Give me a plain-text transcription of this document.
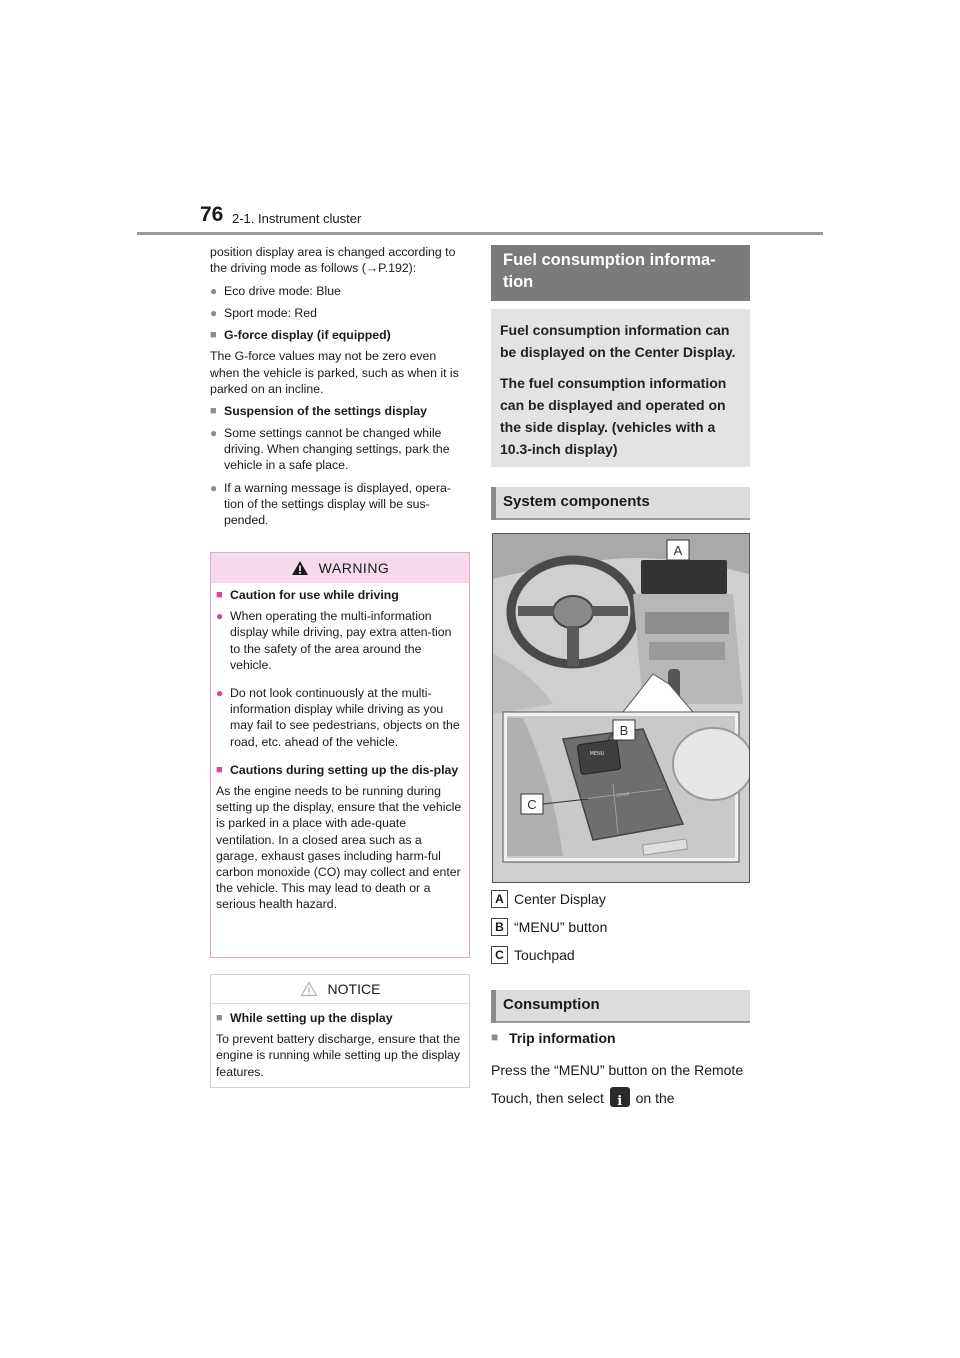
76 2-1. Instrument cluster

position display area is changed according to the driving mode as follows (→P.192):

● Eco drive mode: Blue
● Sport mode: Red
■ G-force display (if equipped)

The G-force values may not be zero even when the vehicle is parked, such as when it is parked on an incline.

■ Suspension of the settings display
● Some settings cannot be changed while driving. When changing settings, park the vehicle in a safe place.
● If a warning message is displayed, opera-tion of the settings display will be sus-pended.
WARNING
■ Caution for use while driving
● When operating the multi-information display while driving, pay extra atten-tion to the safety of the area around the vehicle.
● Do not look continuously at the multi-information display while driving as you may fail to see pedestrians, objects on the road, etc. ahead of the vehicle.
■ Cautions during setting up the dis-play

As the engine needs to be running during setting up the display, ensure that the vehicle is parked in a place with ade-quate ventilation. In a closed area such as a garage, exhaust gases including harm-ful carbon monoxide (CO) may collect and enter the vehicle. This may lead to death or a serious health hazard.

NOTICE
■ While setting up the display

To prevent battery discharge, ensure that the engine is running while setting up the display features.

Fuel consumption informa-tion

Fuel consumption information can be displayed on the Center Display.

The fuel consumption information can be displayed and operated on the side display. (vehicles with a 10.3-inch display)

System components
MENU
LEXUS
A
B
C
A Center Display
B “MENU” button
C Touchpad
Consumption
■ Trip information
Press the “MENU” button on the Remote Touch, then select i on the
